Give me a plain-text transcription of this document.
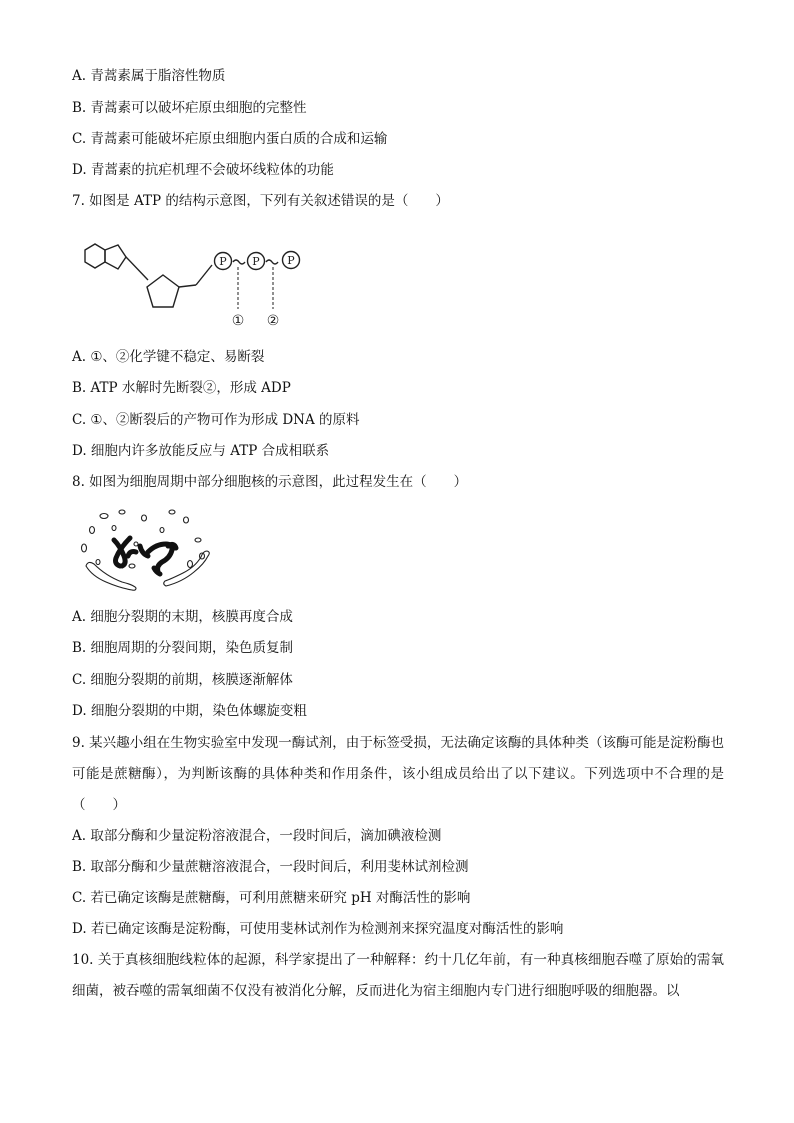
A. 青蒿素属于脂溶性物质
B. 青蒿素可以破坏疟原虫细胞的完整性
C. 青蒿素可能破坏疟原虫细胞内蛋白质的合成和运输
D. 青蒿素的抗疟机理不会破坏线粒体的功能
7. 如图是 ATP 的结构示意图，下列有关叙述错误的是（　　）
P P	P
① ②
A. ①、②化学键不稳定、易断裂
B. ATP 水解时先断裂②，形成 ADP
C. ①、②断裂后的产物可作为形成 DNA 的原料
D. 细胞内许多放能反应与 ATP 合成相联系
8. 如图为细胞周期中部分细胞核的示意图，此过程发生在（　　）
A. 细胞分裂期的末期，核膜再度合成
B. 细胞周期的分裂间期，染色质复制
C. 细胞分裂期的前期，核膜逐渐解体
D. 细胞分裂期的中期，染色体螺旋变粗
9. 某兴趣小组在生物实验室中发现一酶试剂，由于标签受损，无法确定该酶的具体种类（该酶可能是淀粉酶也可能是蔗糖酶），为判断该酶的具体种类和作用条件，该小组成员给出了以下建议。下列选项中不合理的是（　　）
A. 取部分酶和少量淀粉溶液混合，一段时间后，滴加碘液检测
B. 取部分酶和少量蔗糖溶液混合，一段时间后，利用斐林试剂检测
C. 若已确定该酶是蔗糖酶，可利用蔗糖来研究 pH 对酶活性的影响
D. 若已确定该酶是淀粉酶，可使用斐林试剂作为检测剂来探究温度对酶活性的影响
10. 关于真核细胞线粒体的起源，科学家提出了一种解释：约十几亿年前，有一种真核细胞吞噬了原始的需氧细菌，被吞噬的需氧细菌不仅没有被消化分解，反而进化为宿主细胞内专门进行细胞呼吸的细胞器。以
